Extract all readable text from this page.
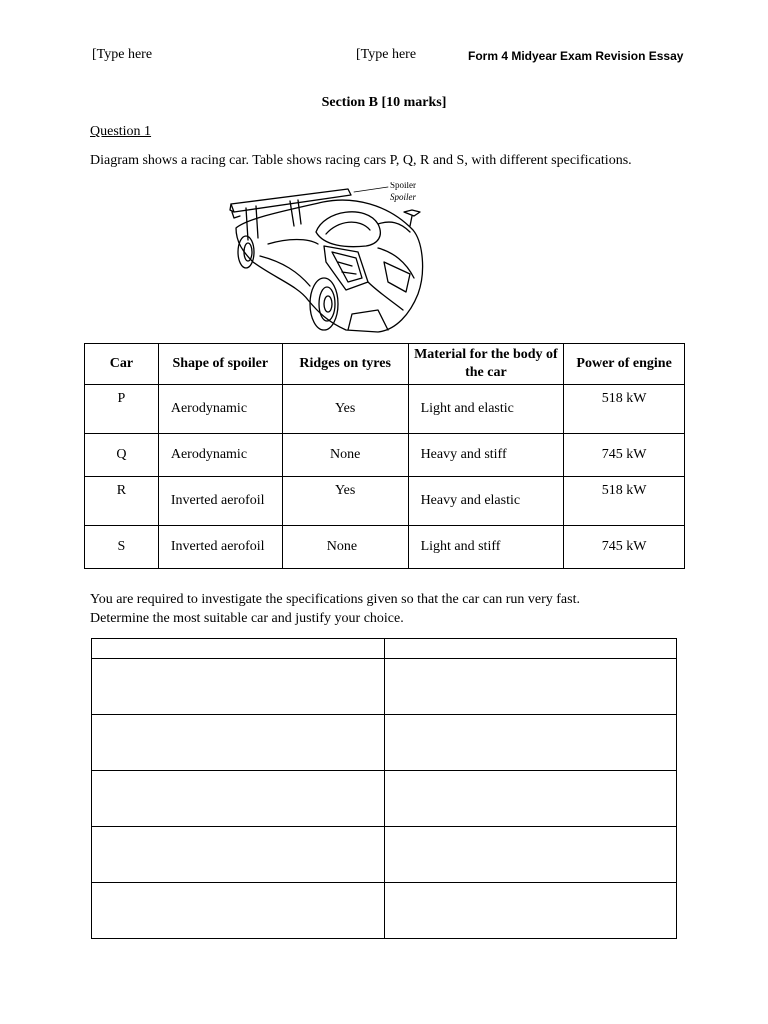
[Type here	[Type here	Form 4 Midyear Exam Revision Essay
Section B [10 marks]
Question 1
Diagram shows a racing car. Table shows racing cars P, Q, R and S, with different specifications.
Spoiler
Spoiler
Car	Shape of spoiler	Ridges on tyres	Material for the body of the car	Power of engine
P	Aerodynamic	Yes	Light and elastic	518 kW
Q	Aerodynamic	None	Heavy and stiff	745 kW
R	Inverted aerofoil	Yes	Heavy and elastic	518 kW
S	Inverted aerofoil	None	Light and stiff	745 kW
You are required to investigate the specifications given so that the car can run very fast.
Determine the most suitable car and justify your choice.
